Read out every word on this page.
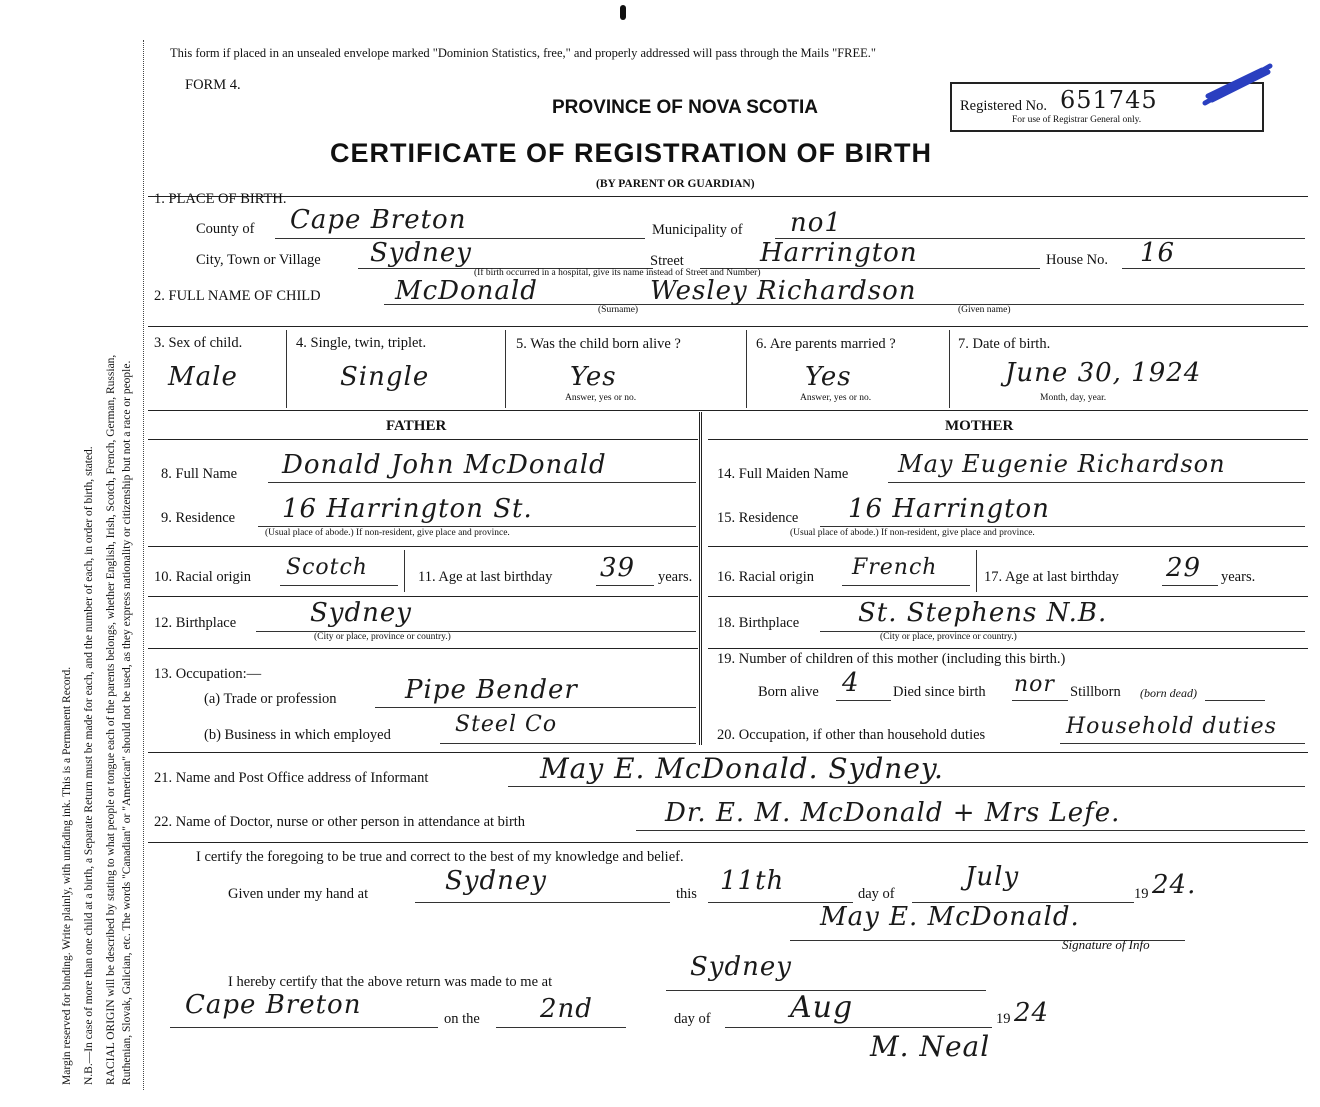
Margin reserved for binding. Write plainly, with unfading ink. This is a Permanent Record. N.B.—In case of more than one child at a birth, a Separate Return must be made for each, and the number of each, in order of birth, stated. RACIAL ORIGIN will be described by stating to what people or tongue each of the parents belongs, whether English, Irish, Scotch, French, German, Russian, Ruthenian, Slovak, Galician, etc. The words "Canadian" or "American" should not be used, as they express nationality or citizenship but not a race or people.
This form if placed in an unsealed envelope marked "Dominion Statistics, free," and properly addressed will pass through the Mails "FREE."
FORM 4.
PROVINCE OF NOVA SCOTIA	Registered No. 651745
For use of Registrar General only.
CERTIFICATE OF REGISTRATION OF BIRTH
(BY PARENT OR GUARDIAN)
1. PLACE OF BIRTH.
County of Cape Breton	Municipality of no1
City, Town or Village Sydney	Street	Harrington	House No. 16
(If birth occurred in a hospital, give its name instead of Street and Number)
2. FULL NAME OF CHILD	McDonald	Wesley Richardson
(Surname)	(Given name)
3. Sex of child.
Male
4. Single, twin, triplet.
Single
5. Was the child born alive ?
Yes
Answer, yes or no.
6. Are parents married ?
Yes
Answer, yes or no.
7. Date of birth.
June 30, 1924
Month, day, year.
FATHER	MOTHER
8. Full Name Donald John McDonald
9. Residence 16 Harrington St.
(Usual place of abode.) If non-resident, give place and province.
10. Racial origin Scotch	11. Age at last birthday 39 years.
12. Birthplace	Sydney
(City or place, province or country.)
13. Occupation:—
(a) Trade or profession	Pipe Bender
(b) Business in which employed	Steel Co
14. Full Maiden Name May Eugenie Richardson
15. Residence 16 Harrington
(Usual place of abode.) If non-resident, give place and province.
16. Racial origin French	17. Age at last birthday 29 years.
18. Birthplace St. Stephens N.B.
(City or place, province or country.)
19. Number of children of this mother (including this birth.)
Born alive 4 Died since birth nor Stillborn (born dead)
20. Occupation, if other than household duties	Household duties
21. Name and Post Office address of Informant	May E. McDonald. Sydney.
22. Name of Doctor, nurse or other person in attendance at birth	Dr. E. M. McDonald + Mrs Lefe.
I certify the foregoing to be true and correct to the best of my knowledge and belief.
Given under my hand at	Sydney	this 11th	day of
July
19 24.
May E. McDonald.
Signature of Info
I hereby certify that the above return was made to me at	Sydney
Cape Breton	on the 2nd	day of	Aug	19 24
M. Neal
